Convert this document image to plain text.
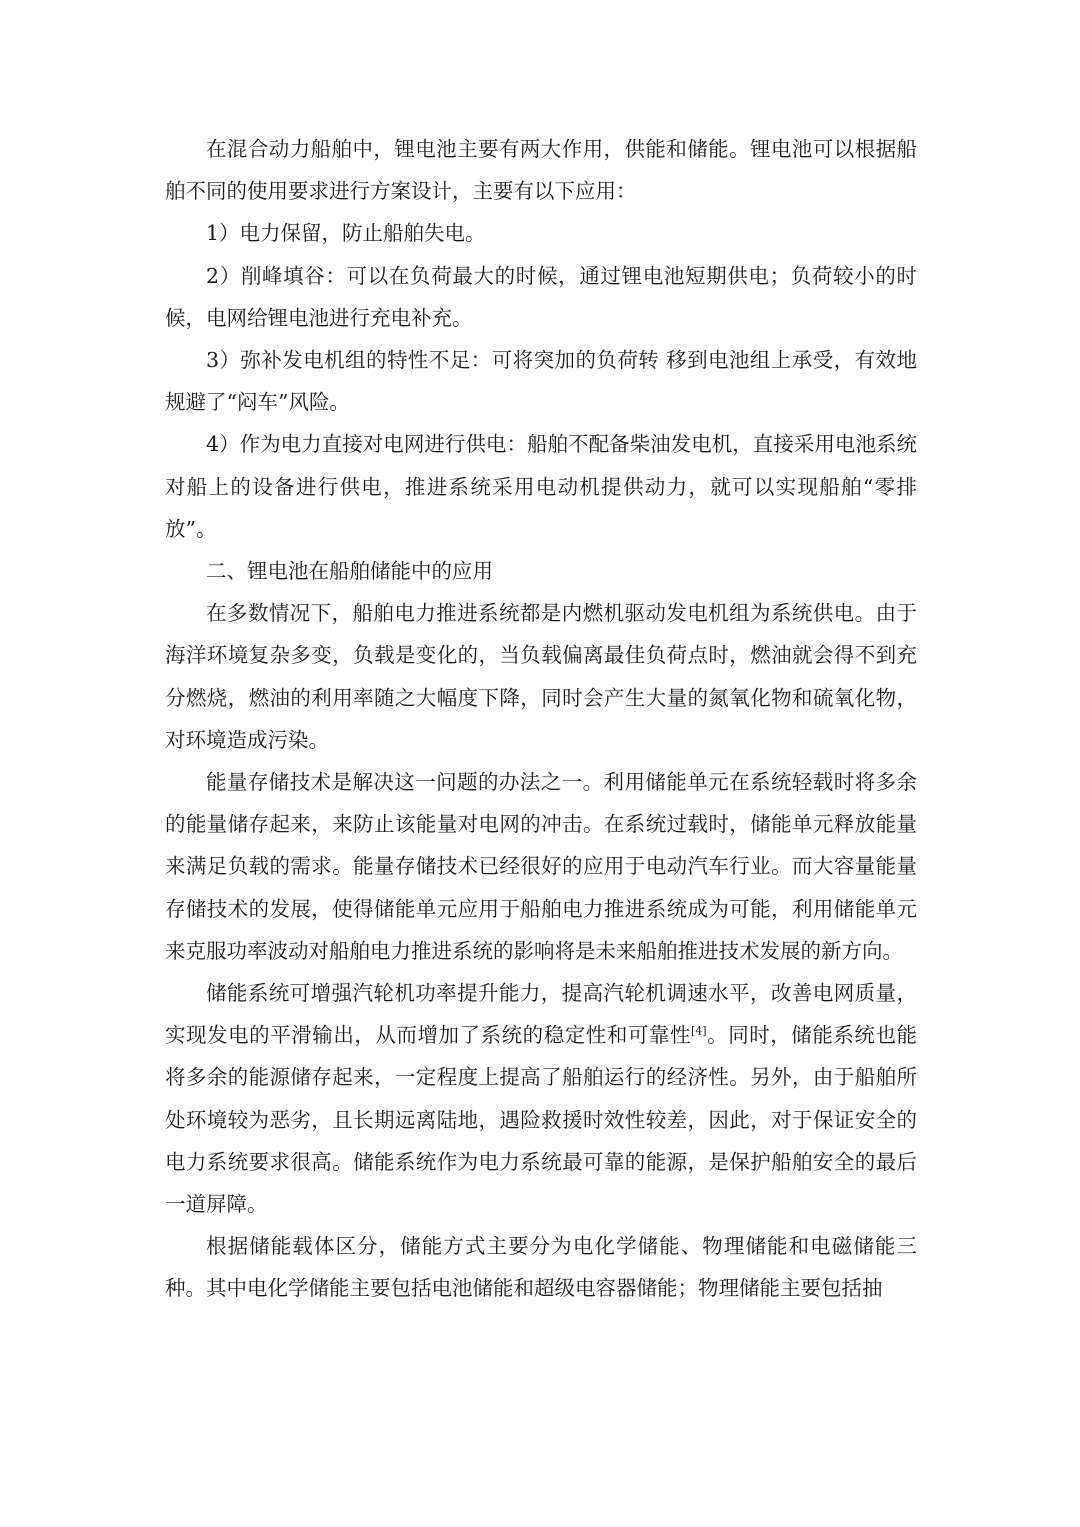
在混合动力船舶中，锂电池主要有两大作用，供能和储能。锂电池可以根据船舶不同的使用要求进行方案设计，主要有以下应用：

1）电力保留，防止船舶失电。

2）削峰填谷：可以在负荷最大的时候，通过锂电池短期供电；负荷较小的时候，电网给锂电池进行充电补充。

3）弥补发电机组的特性不足：可将突加的负荷转 移到电池组上承受，有效地规避了“闷车”风险。

4）作为电力直接对电网进行供电：船舶不配备柴油发电机，直接采用电池系统对船上的设备进行供电，推进系统采用电动机提供动力，就可以实现船舶“零排放”。

二、锂电池在船舶储能中的应用

在多数情况下，船舶电力推进系统都是内燃机驱动发电机组为系统供电。由于海洋环境复杂多变，负载是变化的，当负载偏离最佳负荷点时，燃油就会得不到充分燃烧，燃油的利用率随之大幅度下降，同时会产生大量的氮氧化物和硫氧化物，对环境造成污染。

能量存储技术是解决这一问题的办法之一。利用储能单元在系统轻载时将多余的能量储存起来，来防止该能量对电网的冲击。在系统过载时，储能单元释放能量来满足负载的需求。能量存储技术已经很好的应用于电动汽车行业。而大容量能量存储技术的发展，使得储能单元应用于船舶电力推进系统成为可能，利用储能单元来克服功率波动对船舶电力推进系统的影响将是未来船舶推进技术发展的新方向。

储能系统可增强汽轮机功率提升能力，提高汽轮机调速水平，改善电网质量，实现发电的平滑输出，从而增加了系统的稳定性和可靠性[4]。同时，储能系统也能将多余的能源储存起来，一定程度上提高了船舶运行的经济性。另外，由于船舶所处环境较为恶劣，且长期远离陆地，遇险救援时效性较差，因此，对于保证安全的电力系统要求很高。储能系统作为电力系统最可靠的能源，是保护船舶安全的最后一道屏障。

根据储能载体区分，储能方式主要分为电化学储能、物理储能和电磁储能三种。其中电化学储能主要包括电池储能和超级电容器储能；物理储能主要包括抽
